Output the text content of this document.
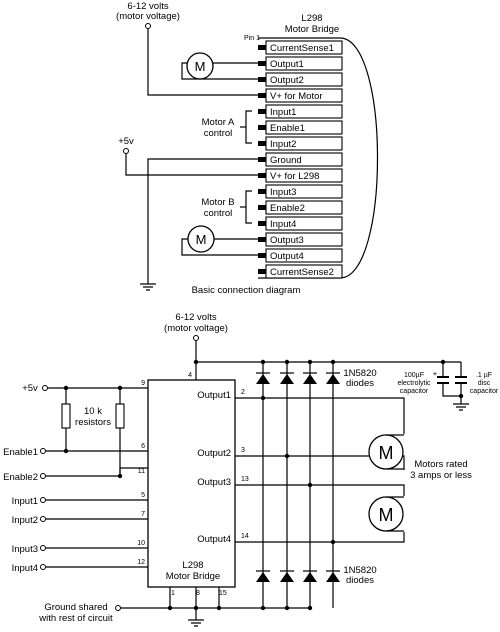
6-12 volts
(motor voltage)	L298
Motor Bridge
Pin 1
CurrentSense1
Output1
Output2
V+ for Motor
Input1
Enable1
Input2
Ground
V+ for L298
Input3
Enable2
Input4
Output3
Output4
CurrentSense2
M
Motor A
control
+5v
Motor B
control
M
Basic connection diagram
6-12 volts
(motor voltage)
L298
Motor Bridge
Output1
Output2
Output3
Output4
+5v
10 k
resistors
Enable1
Enable2
Input1
Input2
Input3
Input4
9
6
11
5
7
10
12
4
2
3
13
14
1	8	15
M
M
Motors rated
3 amps or less
1N5820
diodes
1N5820
diodes
+
100µF
electrolytic
capacitor
.1 µF
disc
capacitor
Ground shared
with rest of circuit
